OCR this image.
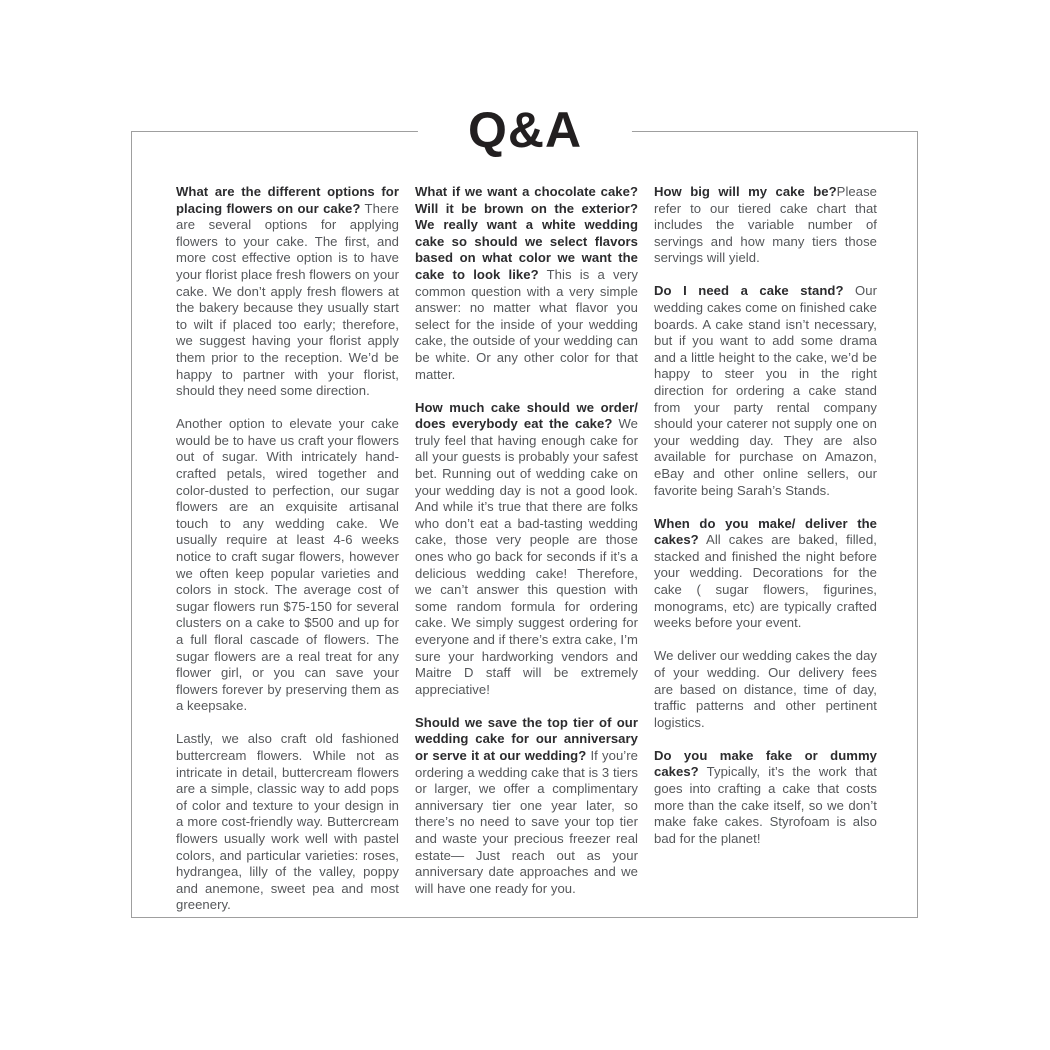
Q&A

What are the different options for placing flowers on our cake? There are several options for applying flowers to your cake. The first, and more cost effective option is to have your florist place fresh flowers on your cake. We don’t apply fresh flowers at the bakery because they usually start to wilt if placed too early; therefore, we suggest having your florist apply them prior to the reception. We’d be happy to partner with your florist, should they need some direction.

Another option to elevate your cake would be to have us craft your flowers out of sugar. With intricately hand-crafted petals, wired together and color-dusted to perfection, our sugar flowers are an exquisite artisanal touch to any wedding cake. We usually require at least 4-6 weeks notice to craft sugar flowers, however we often keep popular varieties and colors in stock. The average cost of sugar flowers run $75-150 for several clusters on a cake to $500 and up for a full floral cascade of flowers. The sugar flowers are a real treat for any flower girl, or you can save your flowers forever by preserving them as a keepsake.

Lastly, we also craft old fashioned buttercream flowers. While not as intricate in detail, buttercream flowers are a simple, classic way to add pops of color and texture to your design in a more cost-friendly way. Buttercream flowers usually work well with pastel colors, and particular varieties: roses, hydrangea, lilly of the valley, poppy and anemone, sweet pea and most greenery.

What if we want a chocolate cake? Will it be brown on the exterior? We really want a white wedding cake so should we select flavors based on what color we want the cake to look like? This is a very common question with a very simple answer: no matter what flavor you select for the inside of your wedding cake, the outside of your wedding can be white. Or any other color for that matter.

How much cake should we order/ does everybody eat the cake? We truly feel that having enough cake for all your guests is probably your safest bet. Running out of wedding cake on your wedding day is not a good look. And while it’s true that there are folks who don’t eat a bad-tasting wedding cake, those very people are those ones who go back for seconds if it’s a delicious wedding cake! Therefore, we can’t answer this question with some random formula for ordering cake. We simply suggest ordering for everyone and if there’s extra cake, I’m sure your hardworking vendors and Maitre D staff will be extremely appreciative!

Should we save the top tier of our wedding cake for our anniversary or serve it at our wedding? If you’re ordering a wedding cake that is 3 tiers or larger, we offer a complimentary anniversary tier one year later, so there’s no need to save your top tier and waste your precious freezer real estate— Just reach out as your anniversary date approaches and we will have one ready for you.

How big will my cake be?Please refer to our tiered cake chart that includes the variable number of servings and how many tiers those servings will yield.

Do I need a cake stand? Our wedding cakes come on finished cake boards. A cake stand isn’t necessary, but if you want to add some drama and a little height to the cake, we’d be happy to steer you in the right direction for ordering a cake stand from your party rental company should your caterer not supply one on your wedding day. They are also available for purchase on Amazon, eBay and other online sellers, our favorite being Sarah’s Stands.

When do you make/ deliver the cakes? All cakes are baked, filled, stacked and finished the night before your wedding. Decorations for the cake ( sugar flowers, figurines, monograms, etc) are typically crafted weeks before your event.

We deliver our wedding cakes the day of your wedding. Our delivery fees are based on distance, time of day, traffic patterns and other pertinent logistics.

Do you make fake or dummy cakes? Typically, it’s the work that goes into crafting a cake that costs more than the cake itself, so we don’t make fake cakes. Styrofoam is also bad for the planet!
